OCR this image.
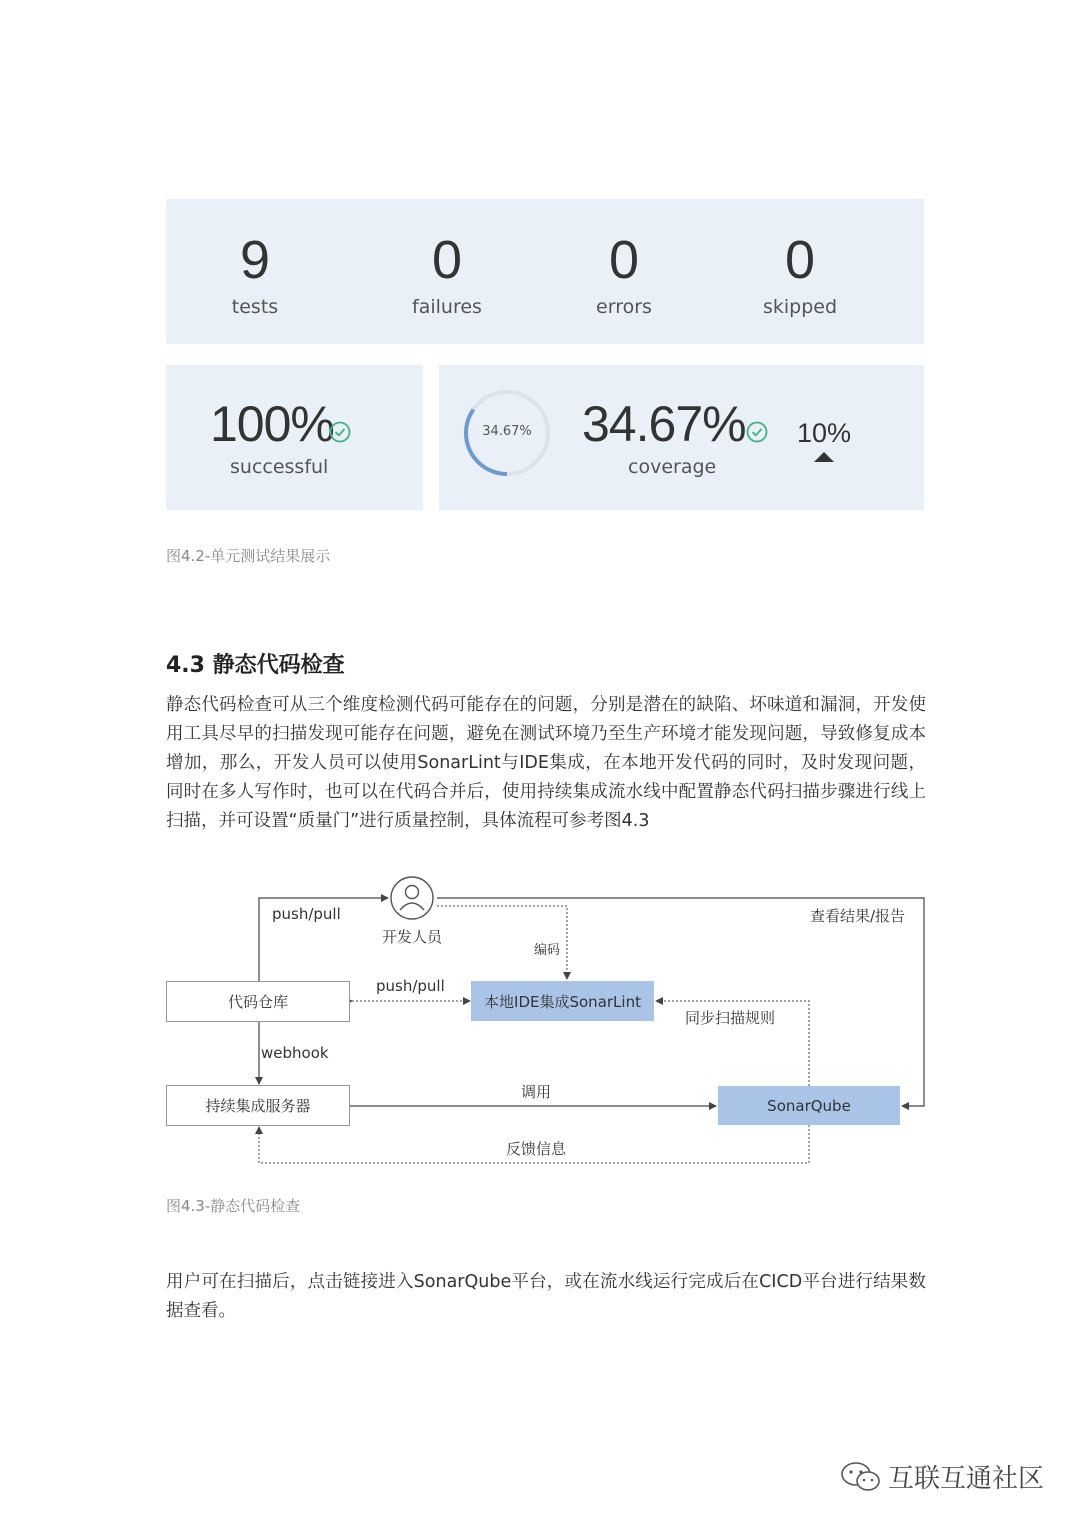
9
tests
0
failures
0
errors
0
skipped
100%
successful
34.67%	34.67%
coverage
10%
图4.2-单元测试结果展示
4.3 静态代码检查
静态代码检查可从三个维度检测代码可能存在的问题，分别是潜在的缺陷、坏味道和漏洞，开发使用工具尽早的扫描发现可能存在问题，避免在测试环境乃至生产环境才能发现问题，导致修复成本增加，那么，开发人员可以使用SonarLint与IDE集成，在本地开发代码的同时，及时发现问题，同时在多人写作时，也可以在代码合并后，使用持续集成流水线中配置静态代码扫描步骤进行线上扫描，并可设置“质量门”进行质量控制，具体流程可参考图4.3
开发人员
代码仓库	本地IDE集成SonarLint
持续集成服务器	SonarQube
push/pull	查看结果/报告
编码
push/pull
同步扫描规则
webhook
调用
反馈信息
图4.3-静态代码检查
用户可在扫描后，点击链接进入SonarQube平台，或在流水线运行完成后在CICD平台进行结果数据查看。
互联互通社区
